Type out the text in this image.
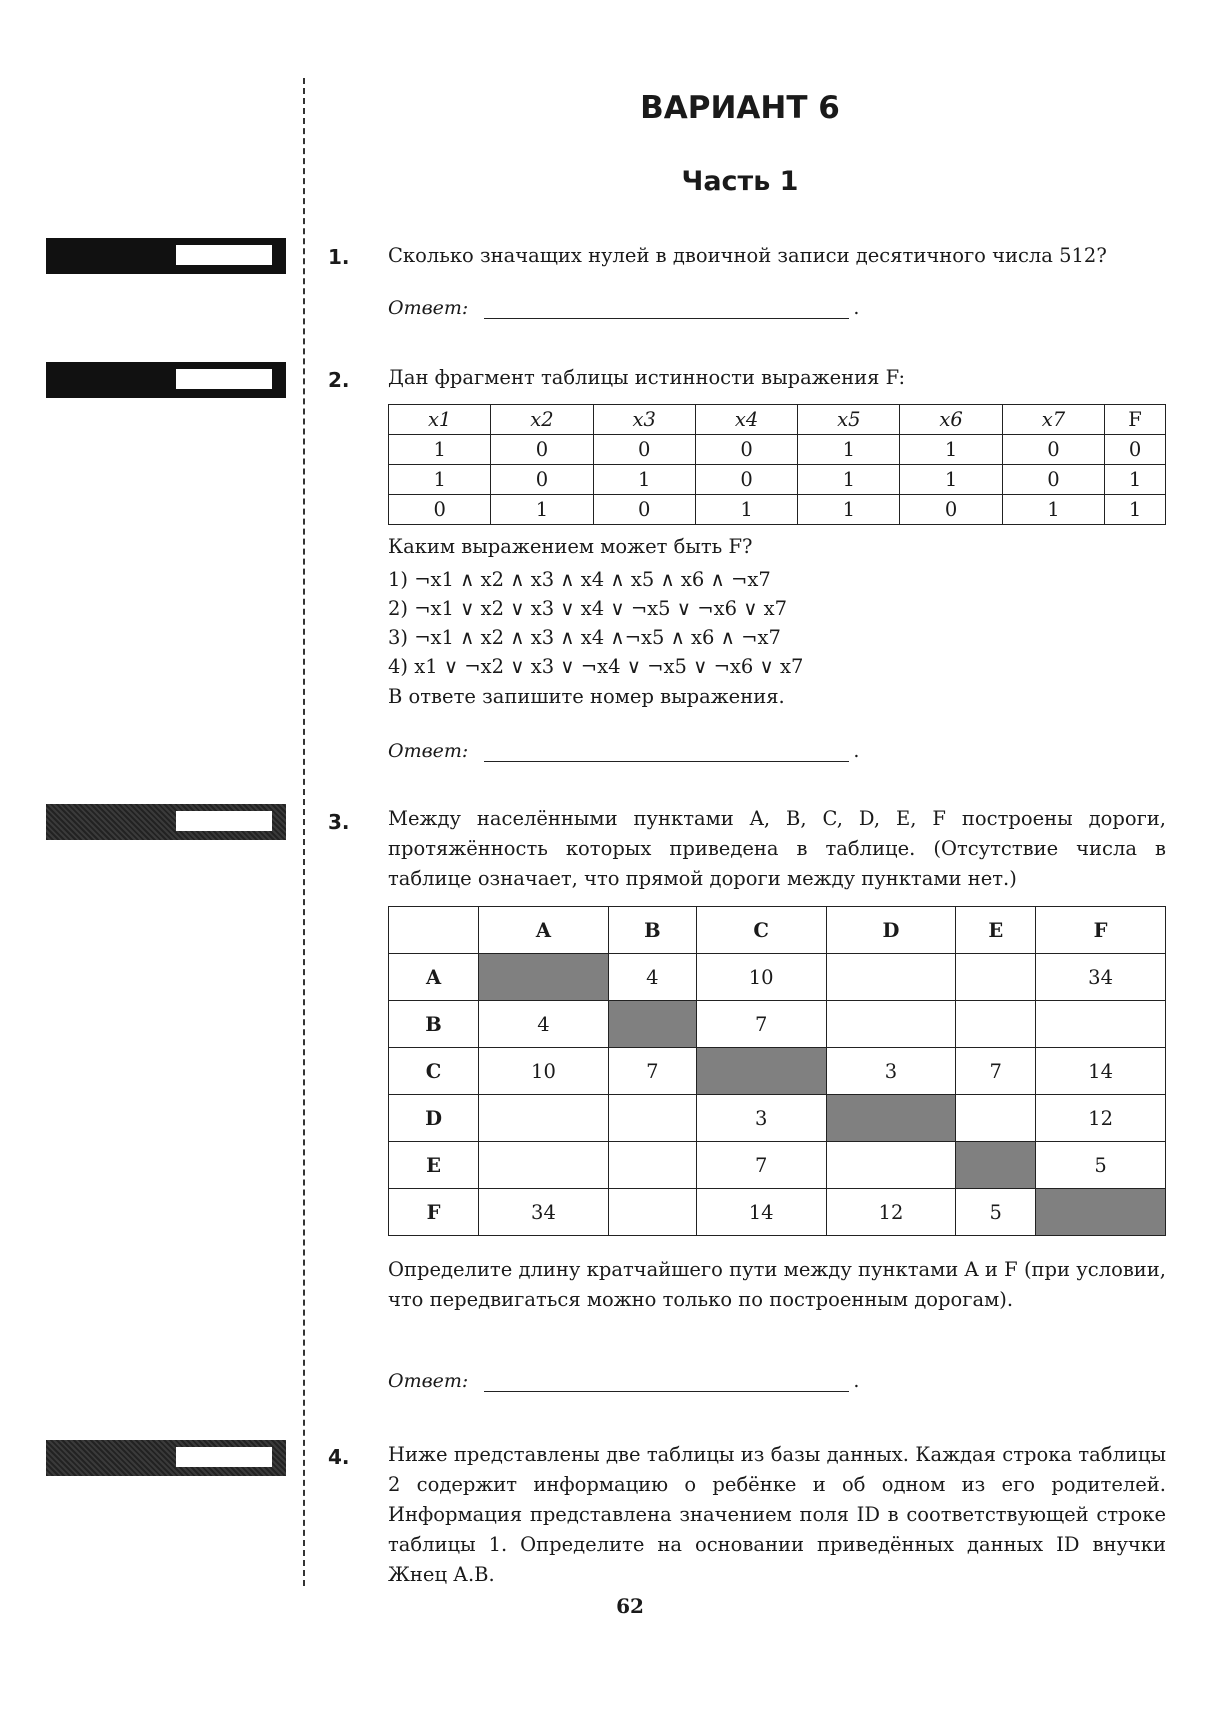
ВАРИАНТ 6
Часть 1
1. Сколько значащих нулей в двоичной записи десятичного числа 512?
Ответ:	.
2. Дан фрагмент таблицы истинности выражения F:
x1	x2	x3	x4	x5	x6	x7	F
1	0	0	0	1	1	0	0
1	0	1	0	1	1	0	1
0	1	0	1	1	0	1	1
Каким выражением может быть F?
1) ¬x1 ∧ x2 ∧ x3 ∧ x4 ∧ x5 ∧ x6 ∧ ¬x7
2) ¬x1 ∨ x2 ∨ x3 ∨ x4 ∨ ¬x5 ∨ ¬x6 ∨ x7
3) ¬x1 ∧ x2 ∧ x3 ∧ x4 ∧¬x5 ∧ x6 ∧ ¬x7
4) x1 ∨ ¬x2 ∨ x3 ∨ ¬x4 ∨ ¬x5 ∨ ¬x6 ∨ x7
В ответе запишите номер выражения.
Ответ:	.
3. Между населёнными пунктами A, B, C, D, E, F построены дороги, протяжённость которых приведена в таблице. (Отсутствие числа в таблице означает, что прямой дороги между пунктами нет.)
	A	B	C	D	E	F
A		4	10			34
B	4		7			
C	10	7		3	7	14
D			3			12
E			7			5
F	34		14	12	5	
Определите длину кратчайшего пути между пунктами A и F (при условии, что передвигаться можно только по построенным дорогам).
Ответ:	.
4. Ниже представлены две таблицы из базы данных. Каждая строка таблицы 2 содержит информацию о ребёнке и об одном из его родителей. Информация представлена значением поля ID в соответствующей строке таблицы 1. Определите на основании приведённых данных ID внучки Жнец А.В.
62
